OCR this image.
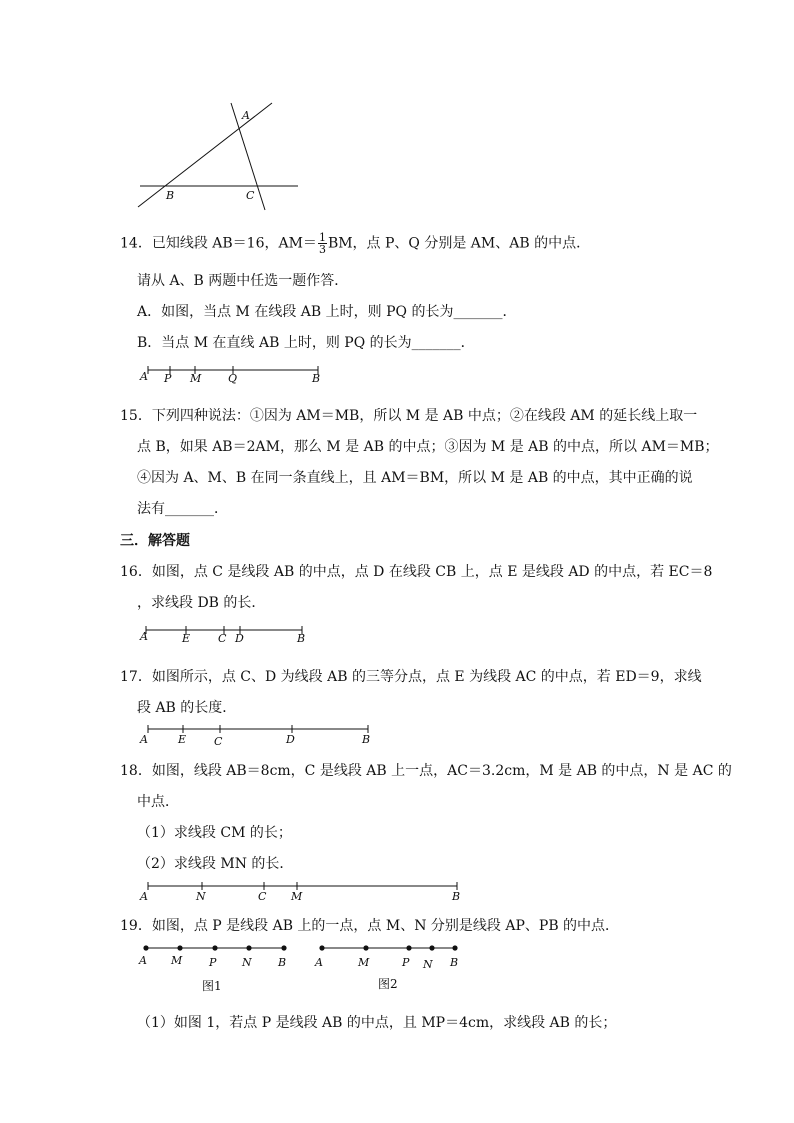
A
B	C
14．已知线段 AB＝16，$AM= \frac{1}{3}$ BM，点 P、Q 分别是 AM、AB 的中点．
请从 A、B 两题中任选一题作答．
A．如图，当点 M 在线段 AB 上时，则 PQ 的长为_______．
B．当点 M 在直线 AB 上时，则 PQ 的长为_______．
A P M Q	B
15．下列四种说法：①因为 AM＝MB，所以 M 是 AB 中点；②在线段 AM 的延长线上取一
点 B，如果 AB＝2AM，那么 M 是 AB 的中点；③因为 M 是 AB 的中点，所以 AM＝MB；
④因为 A、M、B 在同一条直线上，且 AM＝BM，所以 M 是 AB 的中点，其中正确的说
法有_______．
三．解答题
16．如图，点 C 是线段 AB 的中点，点 D 在线段 CB 上，点 E 是线段 AD 的中点，若 EC＝8
，求线段 DB 的长．
A	E	C D	B
17．如图所示，点 C、D 为线段 AB 的三等分点，点 E 为线段 AC 的中点，若 ED＝9，求线
段 AB 的长度．
A	E	C	D	B
18．如图，线段 AB＝8cm，C 是线段 AB 上一点，AC＝3.2cm，M 是 AB 的中点，N 是 AC 的
中点．
（1）求线段 CM 的长；
（2）求线段 MN 的长．
A	N	C M	B
19．如图，点 P 是线段 AB 上的一点，点 M、N 分别是线段 AP、PB 的中点．
A M P N B
图1
A	M	P N B
图2
（1）如图 1，若点 P 是线段 AB 的中点，且 MP＝4cm，求线段 AB 的长；
